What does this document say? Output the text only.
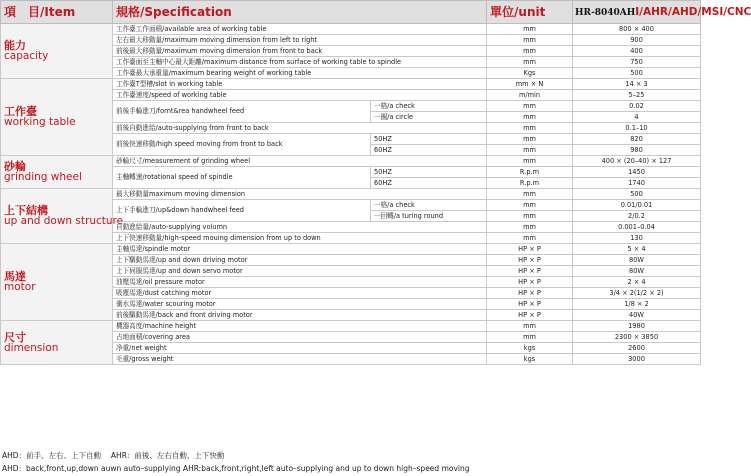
項　目/Item	規格/Specification		單位/unit	HR-8040AHI/AHR/AHD/MSI/CNC

能力
capacity	工作臺工作面積/available area of working table		mm	800 × 400
	左右最大移動量/maximum moving dimension from left to right		mm	900
	前後最大移動量/maximum moving dimension from front to back		mm	400
	工作臺面至主軸中心最大距離/maximum distance from surface of working table to spindle		mm	750
	工作臺最大承重量/maximum bearing weight of working table		Kgs	500

工作臺
working table	工作臺T型槽/slot in working table		mm × N	14 × 3
	工作臺速度/speed of working table		m/min	5–25
	前後手輪進刀/fornt&rea handwheel feed	一格/a check	mm	0.02
		一圈/a circle	mm	4
	前後自動進給/auto-supplying from front to back		mm	0.1–10
	前後快速移動/high speed moving from front to back	50HZ	mm	820
		60HZ	mm	980

砂輪
grinding wheel	砂輪尺寸/measurement of grinding wheel		mm	400 × (20–40) × 127
	主軸轉速/rotational speed of spindle	50HZ	R.p.m	1450
		60HZ	R.p.m	1740

上下結構
up and down structure	最大移動量maximum moving dimension		mm	500
	上下手輪進刀/up&down handwheel feed	一格/a check	mm	0.01/0.01
		一回轉/a turing round	mm	2/0.2
	自動進給量/auto-supplying volumn		mm	0.001–0.04
	上下快速移動量/high-speed mouing dimension from up to down		mm	130

馬達
motor	主軸馬達/spindle motor		HP × P	5 × 4
	上下驅動馬達/up and down driving motor		HP × P	80W
	上下伺服馬達/up and down servo motor		HP × P	80W
	油壓馬達/oil pressure motor		HP × P	2 × 4
	吸塵馬達/dust catching motor		HP × P	3/4 × 2(1/2 × 2)
	衝水馬達/water scouring motor		HP × P	1/8 × 2
	前後驅動馬達/back and front driving motor		HP × P	40W

尺寸
dimension	機器高度/machine height		mm	1980
	占地面積/covering area		mm	2300 × 3850
	净重/net weight		kgs	2600
	毛重/gross weight		kgs	3000
AHD：前手、左右、上下自動　 AHR：前後、左右自動、上下快動
AHD：back,front,up,down auwn auto–supplying AHR:back,front,right,left auto–supplying and up to down high–speed moving
